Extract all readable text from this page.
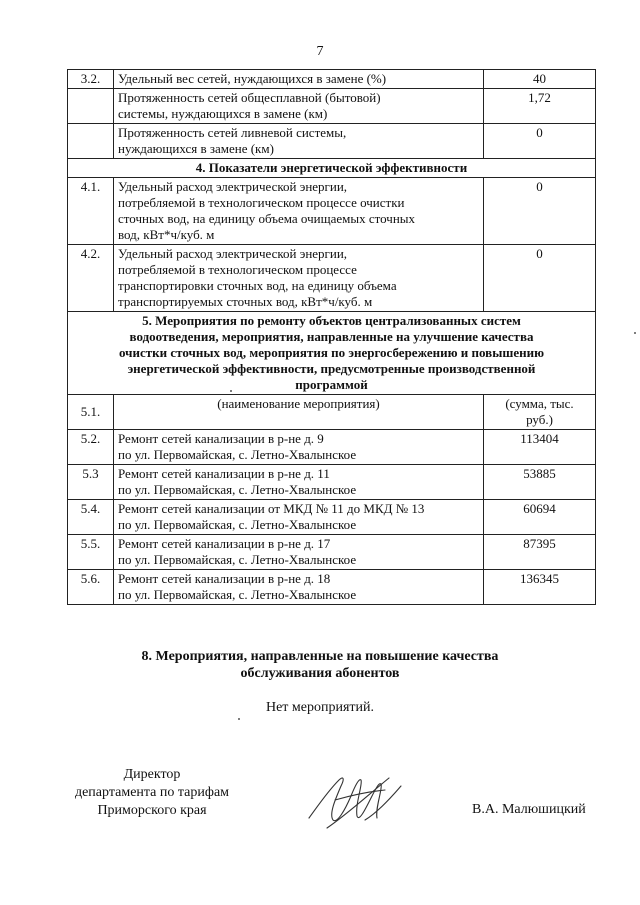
7
3.2.	Удельный вес сетей, нуждающихся в замене (%)	40

	Протяженность сетей общесплавной (бытовой)
системы, нуждающихся в замене (км)	1,72

	Протяженность сетей ливневой системы,
нуждающихся в замене (км)	0
4. Показатели энергетической эффективности		
4.1.	Удельный расход электрической энергии,
потребляемой в технологическом процессе очистки
сточных вод, на единицу объема очищаемых сточных
вод, кВт*ч/куб. м	0
4.2.	Удельный расход электрической энергии,
потребляемой в технологическом процессе
транспортировки сточных вод, на единицу объема
транспортируемых сточных вод, кВт*ч/куб. м	0

5. Мероприятия по ремонту объектов централизованных систем
водоотведения, мероприятия, направленные на улучшение качества
очистки сточных вод, мероприятия по энергосбережению и повышению
энергетической эффективности, предусмотренные производственной
программой		

5.1.	(наименование мероприятия)	(сумма, тыс.
руб.)

5.2.	Ремонт сетей канализации в р-не д. 9
по ул. Первомайская, с. Летно-Хвалынское	113404
5.3	Ремонт сетей канализации в р-не д. 11
по ул. Первомайская, с. Летно-Хвалынское	53885
5.4.	Ремонт сетей канализации от МКД № 11 до МКД № 13
по ул. Первомайская, с. Летно-Хвалынское	60694
5.5.	Ремонт сетей канализации в р-не д. 17
по ул. Первомайская, с. Летно-Хвалынское	87395
5.6.	Ремонт сетей канализации в р-не д. 18
по ул. Первомайская, с. Летно-Хвалынское	136345
8. Мероприятия, направленные на повышение качества
обслуживания абонентов
Нет мероприятий.
Директор
департамента по тарифам
Приморского края	В.А. Малюшицкий
